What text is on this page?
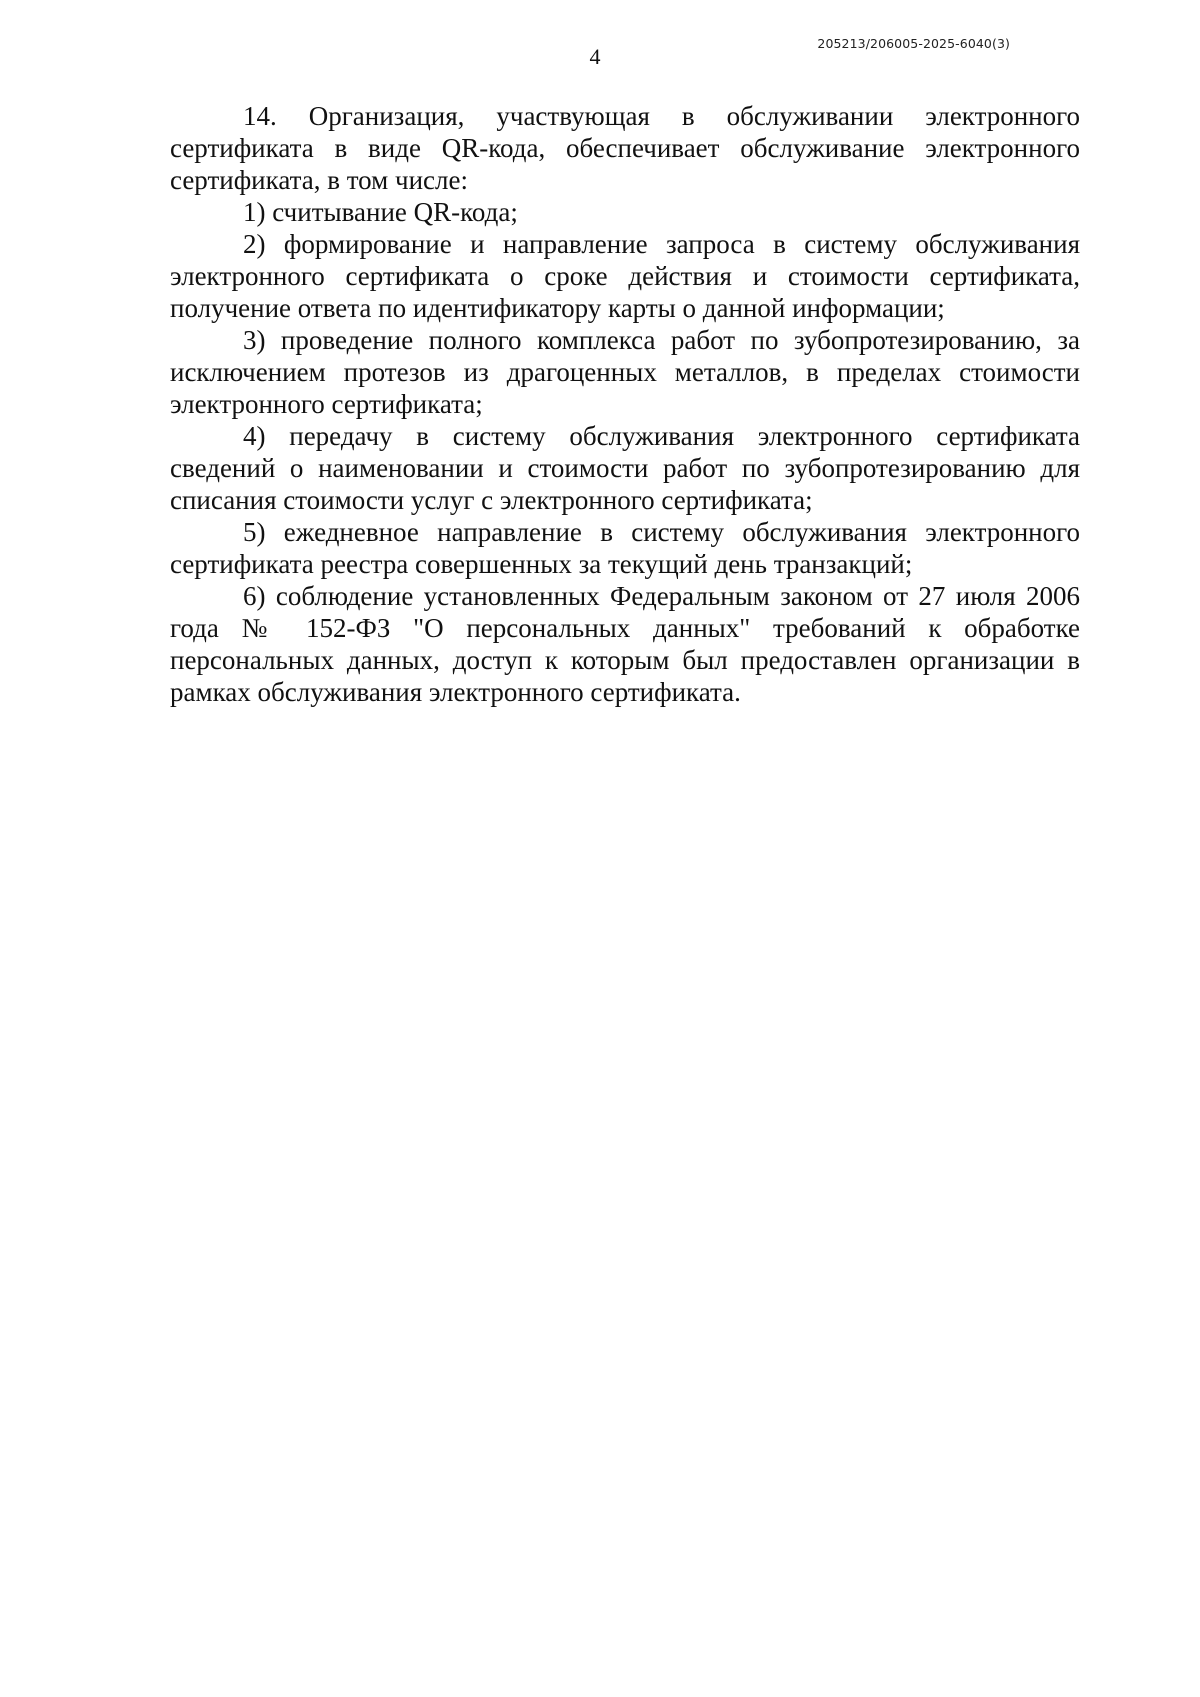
205213/206005-2025-6040(3)
4

14. Организация, участвующая в обслуживании электронного сертификата в виде QR-кода, обеспечивает обслуживание электронного сертификата, в том числе:

1) считывание QR-кода;

2) формирование и направление запроса в систему обслуживания электронного сертификата о сроке действия и стоимости сертификата, получение ответа по идентификатору карты о данной информации;

3) проведение полного комплекса работ по зубопротезированию, за исключением протезов из драгоценных металлов, в пределах стоимости электронного сертификата;

4) передачу в систему обслуживания электронного сертификата сведений о наименовании и стоимости работ по зубопротезированию для списания стоимости услуг с электронного сертификата;

5) ежедневное направление в систему обслуживания электронного сертификата реестра совершенных за текущий день транзакций;

6) соблюдение установленных Федеральным законом от 27 июля 2006 года № 152-ФЗ "О персональных данных" требований к обработке персональных данных, доступ к которым был предоставлен организации в рамках обслуживания электронного сертификата.
